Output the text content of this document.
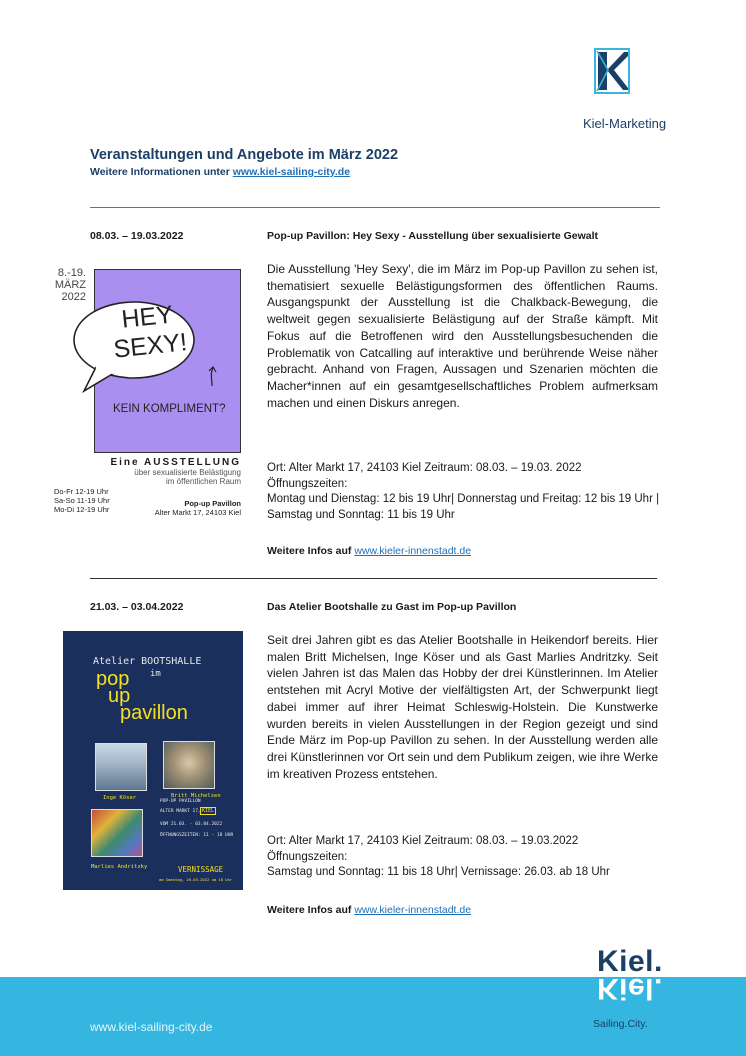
Kiel-Marketing
Veranstaltungen und Angebote im März 2022
Weitere Informationen unter www.kiel-sailing-city.de
08.03. – 19.03.2022	Pop-up Pavillon: Hey Sexy - Ausstellung über sexualisierte Gewalt
8.-19.
MÄRZ
2022
HEY
SEXY!
KEIN KOMPLIMENT?
Eine AUSSTELLUNG
über sexualisierte Belästigung
im öffentlichen Raum
Do-Fr 12-19 Uhr
Sa-So 11-19 Uhr
Mo-Di 12-19 Uhr
Pop-up Pavillon
Alter Markt 17, 24103 Kiel
Die Ausstellung 'Hey Sexy', die im März im Pop-up Pavillon zu sehen ist, thematisiert sexuelle Belästigungsformen des öffentlichen Raums. Ausgangspunkt der Ausstellung ist die Chalkback-Bewegung, die weltweit gegen sexualisierte Belästigung auf der Straße kämpft. Mit Fokus auf die Betroffenen wird den Ausstellungsbesuchenden die Problematik von Catcalling auf interaktive und berührende Weise näher gebracht. Anhand von Fragen, Aussagen und Szenarien möchten die Macher*innen auf ein gesamtgesellschaftliches Problem aufmerksam machen und einen Diskurs anregen.
Ort: Alter Markt 17, 24103 Kiel Zeitraum: 08.03. – 19.03. 2022
Öffnungszeiten:
Montag und Dienstag: 12 bis 19 Uhr| Donnerstag und Freitag: 12 bis 19 Uhr | Samstag und Sonntag: 11 bis 19 Uhr
Weitere Infos auf www.kieler-innenstadt.de
21.03. – 03.04.2022	Das Atelier Bootshalle zu Gast im Pop-up Pavillon
Atelier BOOTSHALLE
im
pop
up
pavillon
Inge Köser	Britt Michelsen
Marlies Andritzky
POP-UP PAVILLON
ALTER MARKT 17, KIEL
VOM 21.03. - 03.04.2022
ÖFFNUNGSZEITEN: 11 - 18 UHR
VERNISSAGE
am Samstag, 26.03.2022 um 18 Uhr
Seit drei Jahren gibt es das Atelier Bootshalle in Heikendorf bereits. Hier malen Britt Michelsen, Inge Köser und als Gast Marlies Andritzky. Seit vielen Jahren ist das Malen das Hobby der drei Künstlerinnen. Im Atelier entstehen mit Acryl Motive der vielfältigsten Art, der Schwerpunkt liegt dabei immer auf ihrer Heimat Schleswig-Holstein. Die Kunstwerke wurden bereits in vielen Ausstellungen in der Region gezeigt und sind Ende März im Pop-up Pavillon zu sehen. In der Ausstellung werden alle drei Künstlerinnen vor Ort sein und dem Publikum zeigen, wie ihre Werke im kreativen Prozess entstehen.
Ort: Alter Markt 17, 24103 Kiel Zeitraum: 08.03. – 19.03.2022
Öffnungszeiten:
Samstag und Sonntag: 11 bis 18 Uhr| Vernissage: 26.03. ab 18 Uhr
Weitere Infos auf www.kieler-innenstadt.de
www.kiel-sailing-city.de
Kiel.
Kiel.
Sailing.City.
